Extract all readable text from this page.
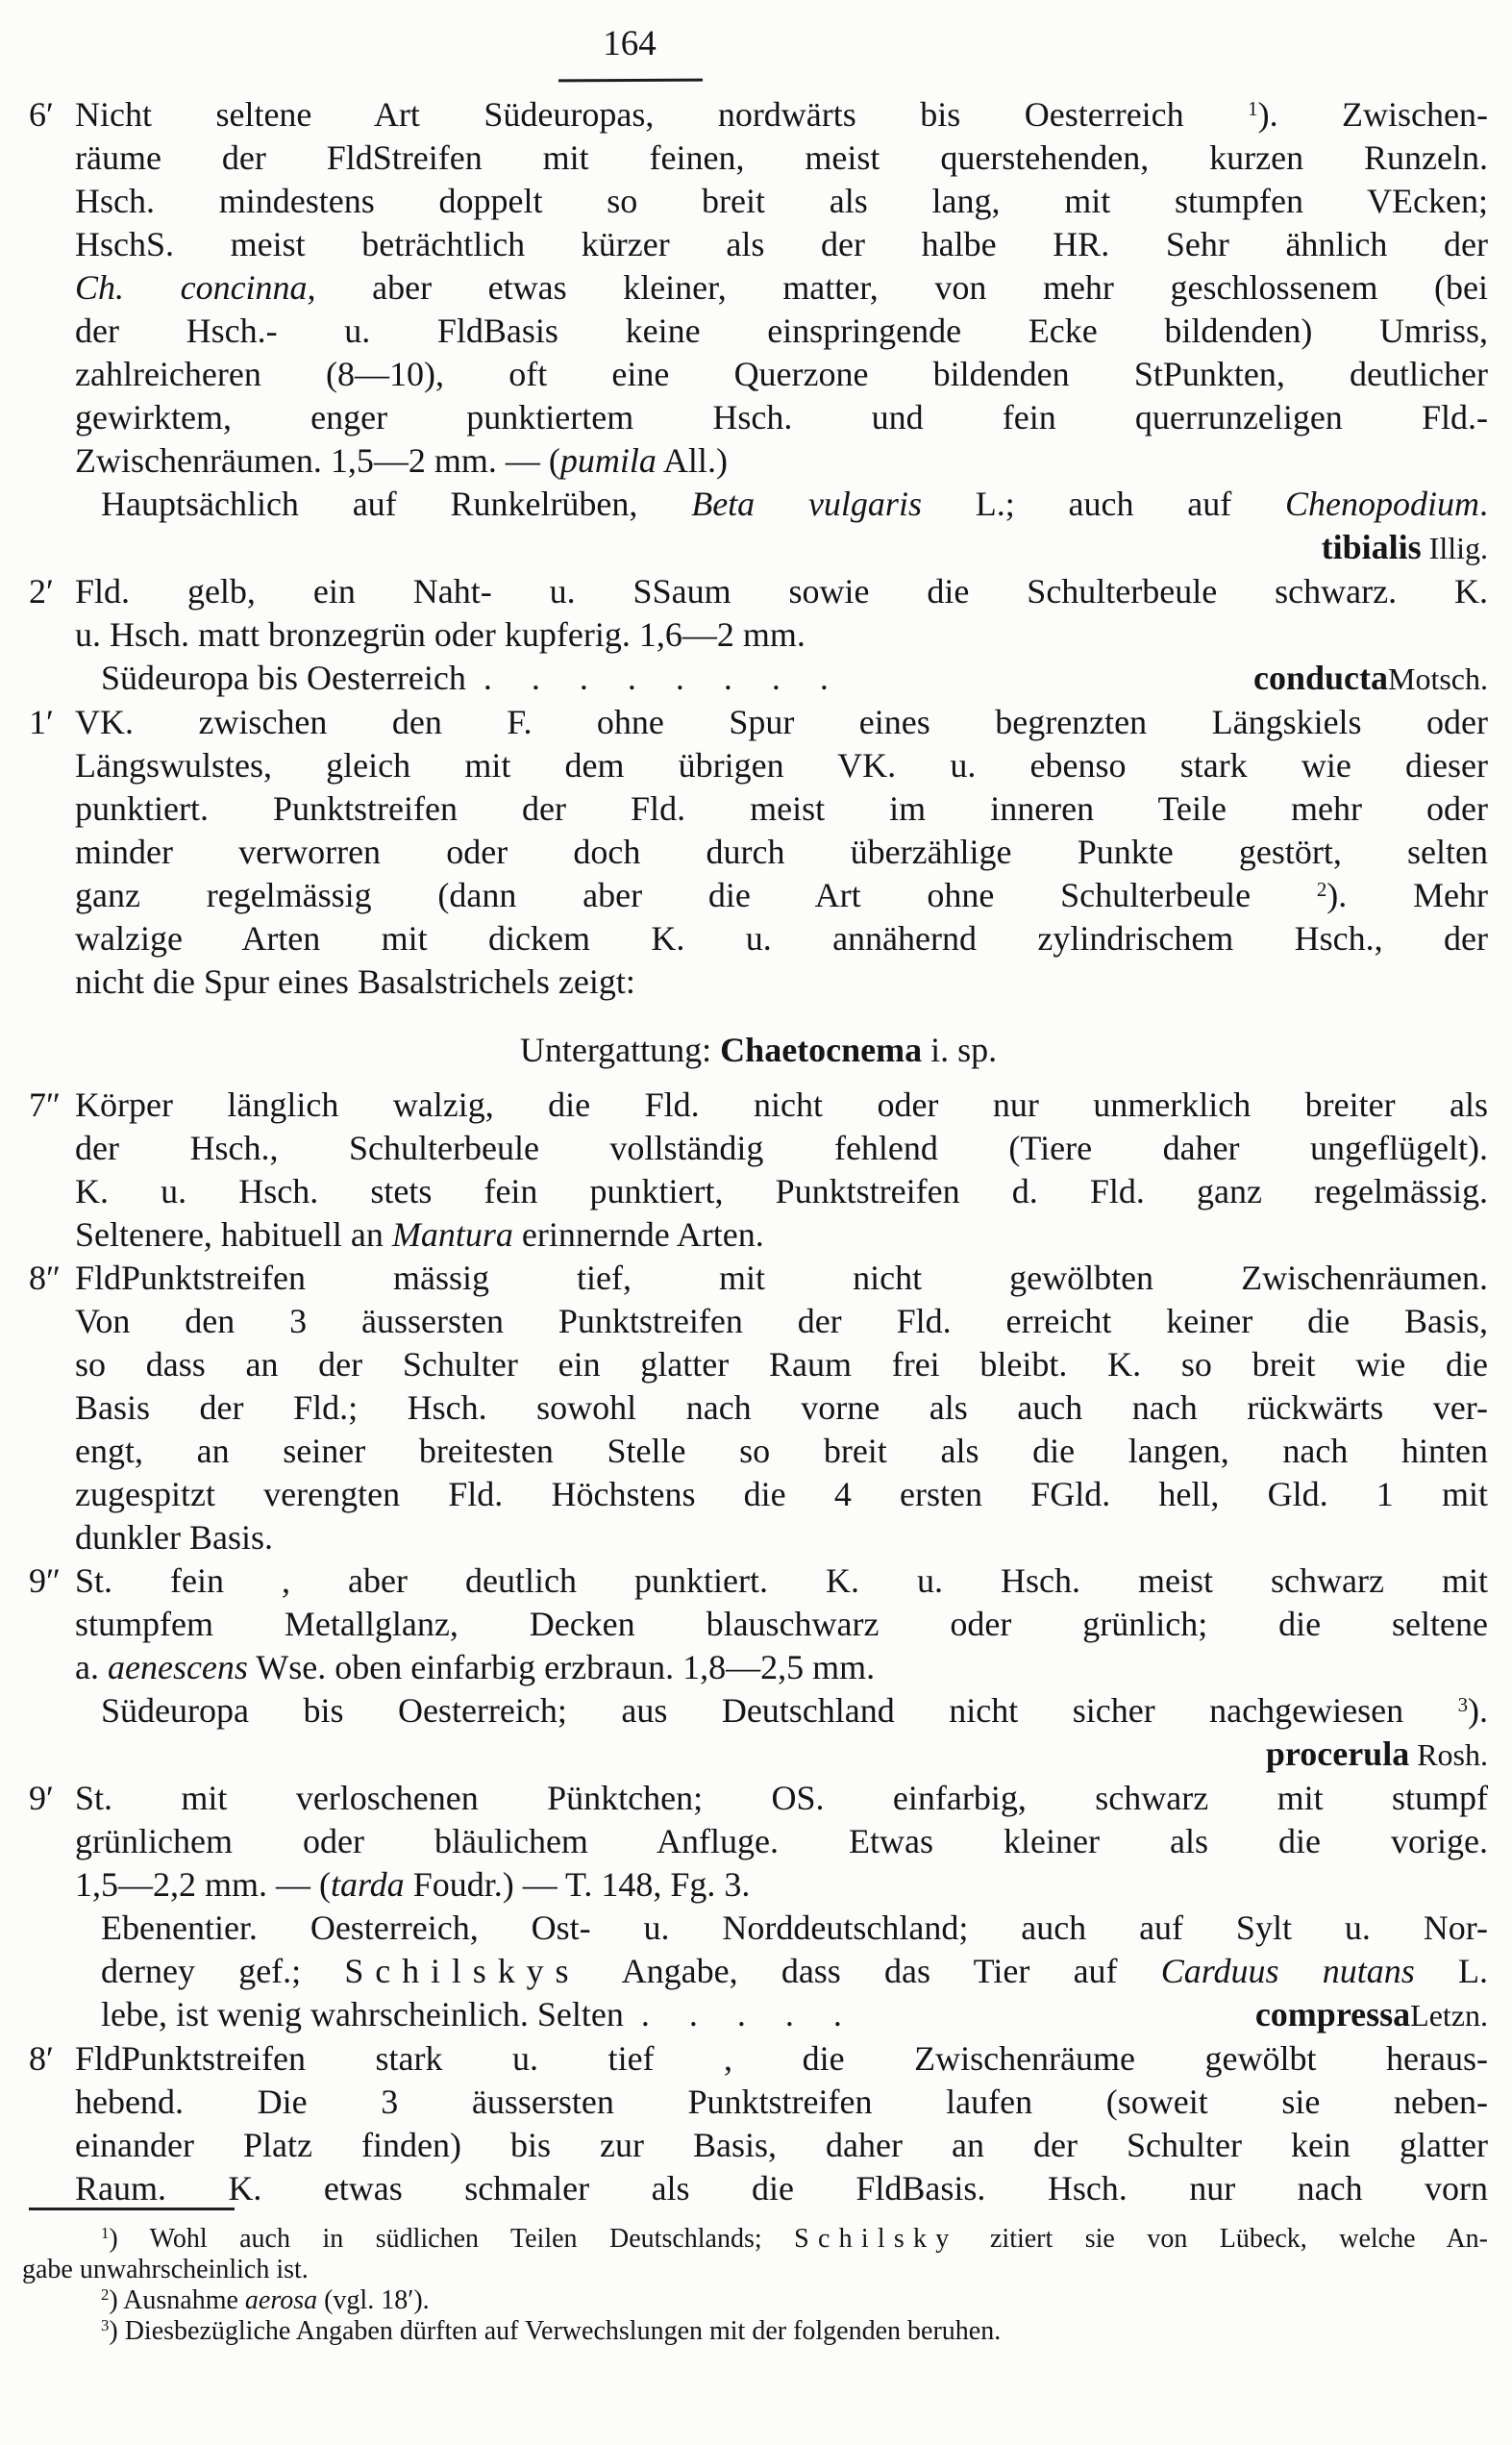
164
6′ Nicht seltene Art Südeuropas, nordwärts bis Oesterreich $^1$). Zwischen-
räume der FldStreifen mit feinen, meist querstehenden, kurzen Runzeln.
Hsch. mindestens doppelt so breit als lang, mit stumpfen VEcken;
HschS. meist beträchtlich kürzer als der halbe HR. Sehr ähnlich der
Ch. concinna, aber etwas kleiner, matter, von mehr geschlossenem (bei
der Hsch.- u. FldBasis keine einspringende Ecke bildenden) Umriss,
zahlreicheren (8—10), oft eine Querzone bildenden StPunkten, deutlicher
gewirktem, enger punktiertem Hsch. und fein querrunzeligen Fld.-
Zwischenräumen. 1,5—2 mm. — (pumila All.)
Hauptsächlich auf Runkelrüben, Beta vulgaris L.; auch auf Chenopodium.
tibialis Illig.
2′ Fld. gelb, ein Naht- u. SSaum sowie die Schulterbeule schwarz. K.
u. Hsch. matt bronzegrün oder kupferig. 1,6—2 mm.
Südeuropa bis Oesterreich . . . . . . . .	conducta Motsch.
1′ VK. zwischen den F. ohne Spur eines begrenzten Längskiels oder
Längswulstes, gleich mit dem übrigen VK. u. ebenso stark wie dieser
punktiert. Punktstreifen der Fld. meist im inneren Teile mehr oder
minder verworren oder doch durch überzählige Punkte gestört, selten
ganz regelmässig (dann aber die Art ohne Schulterbeule $^2$). Mehr
walzige Arten mit dickem K. u. annähernd zylindrischem Hsch., der
nicht die Spur eines Basalstrichels zeigt:
Untergattung: Chaetocnema i. sp.
7″ Körper länglich walzig, die Fld. nicht oder nur unmerklich breiter als
der Hsch., Schulterbeule vollständig fehlend (Tiere daher ungeflügelt).
K. u. Hsch. stets fein punktiert, Punktstreifen d. Fld. ganz regelmässig.
Seltenere, habituell an Mantura erinnernde Arten.
8″ FldPunktstreifen mässig tief, mit nicht gewölbten Zwischenräumen.
Von den 3 äussersten Punktstreifen der Fld. erreicht keiner die Basis,
so dass an der Schulter ein glatter Raum frei bleibt. K. so breit wie die
Basis der Fld.; Hsch. sowohl nach vorne als auch nach rückwärts ver-
engt, an seiner breitesten Stelle so breit als die langen, nach hinten
zugespitzt verengten Fld. Höchstens die 4 ersten FGld. hell, Gld. 1 mit
dunkler Basis.
9″ St. fein , aber deutlich punktiert. K. u. Hsch. meist schwarz mit
stumpfem Metallglanz, Decken blauschwarz oder grünlich; die seltene
a. aenescens Wse. oben einfarbig erzbraun. 1,8—2,5 mm.
Südeuropa bis Oesterreich; aus Deutschland nicht sicher nachgewiesen $^3$).
procerula Rosh.
9′ St. mit verloschenen Pünktchen; OS. einfarbig, schwarz mit stumpf
grünlichem oder bläulichem Anfluge. Etwas kleiner als die vorige.
1,5—2,2 mm. — (tarda Foudr.) — T. 148, Fg. 3.
Ebenentier. Oesterreich, Ost- u. Norddeutschland; auch auf Sylt u. Nor-
derney gef.; Schilskys Angabe, dass das Tier auf Carduus nutans L.
lebe, ist wenig wahrscheinlich. Selten . . . . .	compressa Letzn.
8′ FldPunktstreifen stark u. tief , die Zwischenräume gewölbt heraus-
hebend. Die 3 äussersten Punktstreifen laufen (soweit sie neben-
einander Platz finden) bis zur Basis, daher an der Schulter kein glatter
Raum. K. etwas schmaler als die FldBasis. Hsch. nur nach vorn
$^1$) Wohl auch in südlichen Teilen Deutschlands; Schilsky zitiert sie von Lübeck, welche An-
gabe unwahrscheinlich ist.
$^2$) Ausnahme aerosa (vgl. 18′).
$^3$) Diesbezügliche Angaben dürften auf Verwechslungen mit der folgenden beruhen.
